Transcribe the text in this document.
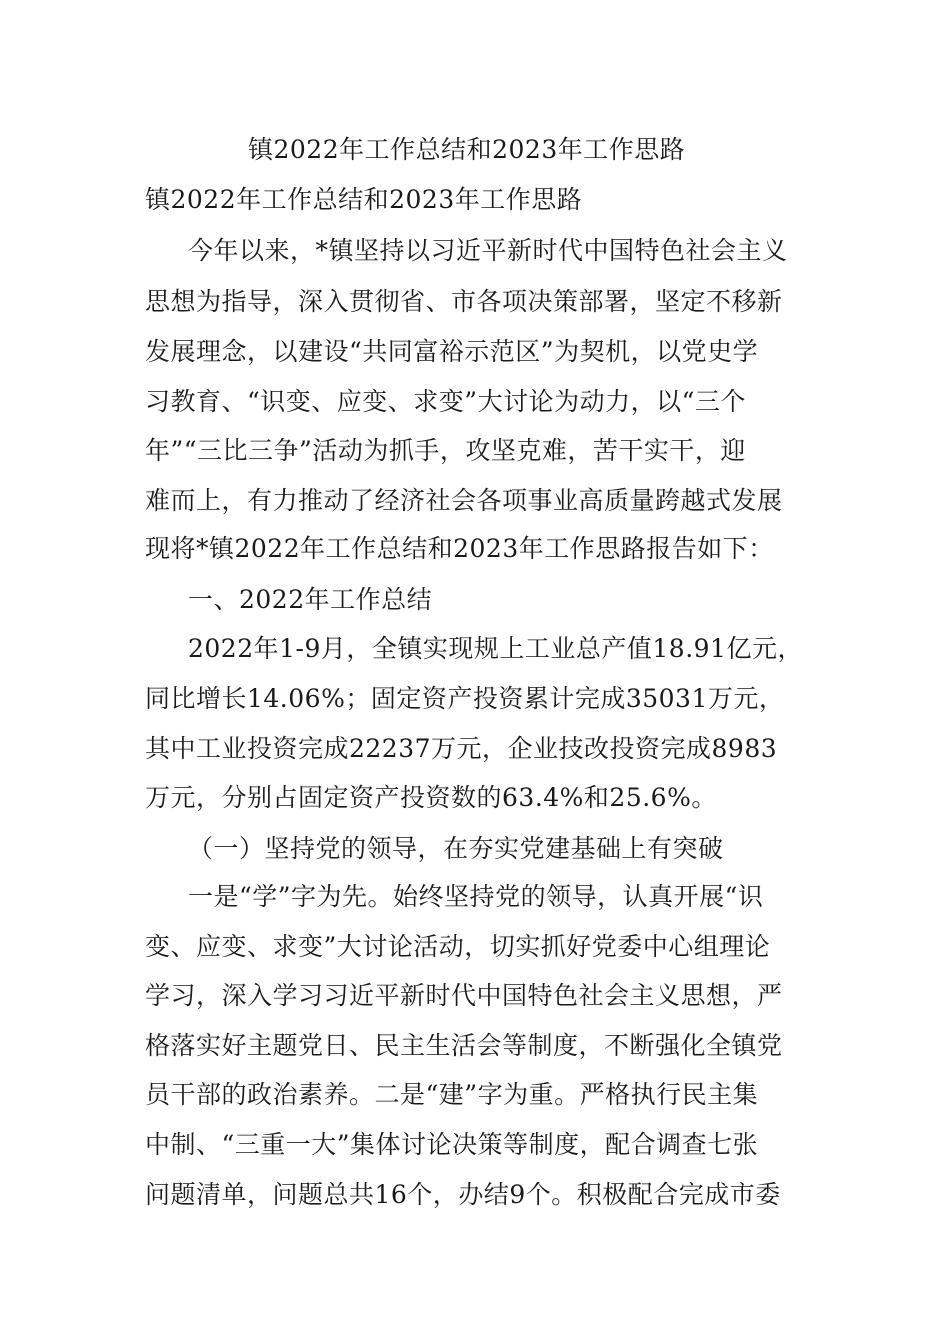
镇2022年工作总结和2023年工作思路
镇2022年工作总结和2023年工作思路
今年以来，*镇坚持以习近平新时代中国特色社会主义
思想为指导，深入贯彻省、市各项决策部署，坚定不移新
发展理念，以建设“共同富裕示范区”为契机，以党史学
习教育、“识变、应变、求变”大讨论为动力，以“三个
年”“三比三争”活动为抓手，攻坚克难，苦干实干，迎
难而上，有力推动了经济社会各项事业高质量跨越式发展
现将*镇2022年工作总结和2023年工作思路报告如下：
一、2022年工作总结
2022年1-9月，全镇实现规上工业总产值18.91亿元，
同比增长14.06%；固定资产投资累计完成35031万元，
其中工业投资完成22237万元，企业技改投资完成8983
万元，分别占固定资产投资数的63.4%和25.6%。
（一）坚持党的领导，在夯实党建基础上有突破
一是“学”字为先。始终坚持党的领导，认真开展“识
变、应变、求变”大讨论活动，切实抓好党委中心组理论
学习，深入学习习近平新时代中国特色社会主义思想，严
格落实好主题党日、民主生活会等制度，不断强化全镇党
员干部的政治素养。二是“建”字为重。严格执行民主集
中制、“三重一大”集体讨论决策等制度，配合调查七张
问题清单，问题总共16个，办结9个。积极配合完成市委
